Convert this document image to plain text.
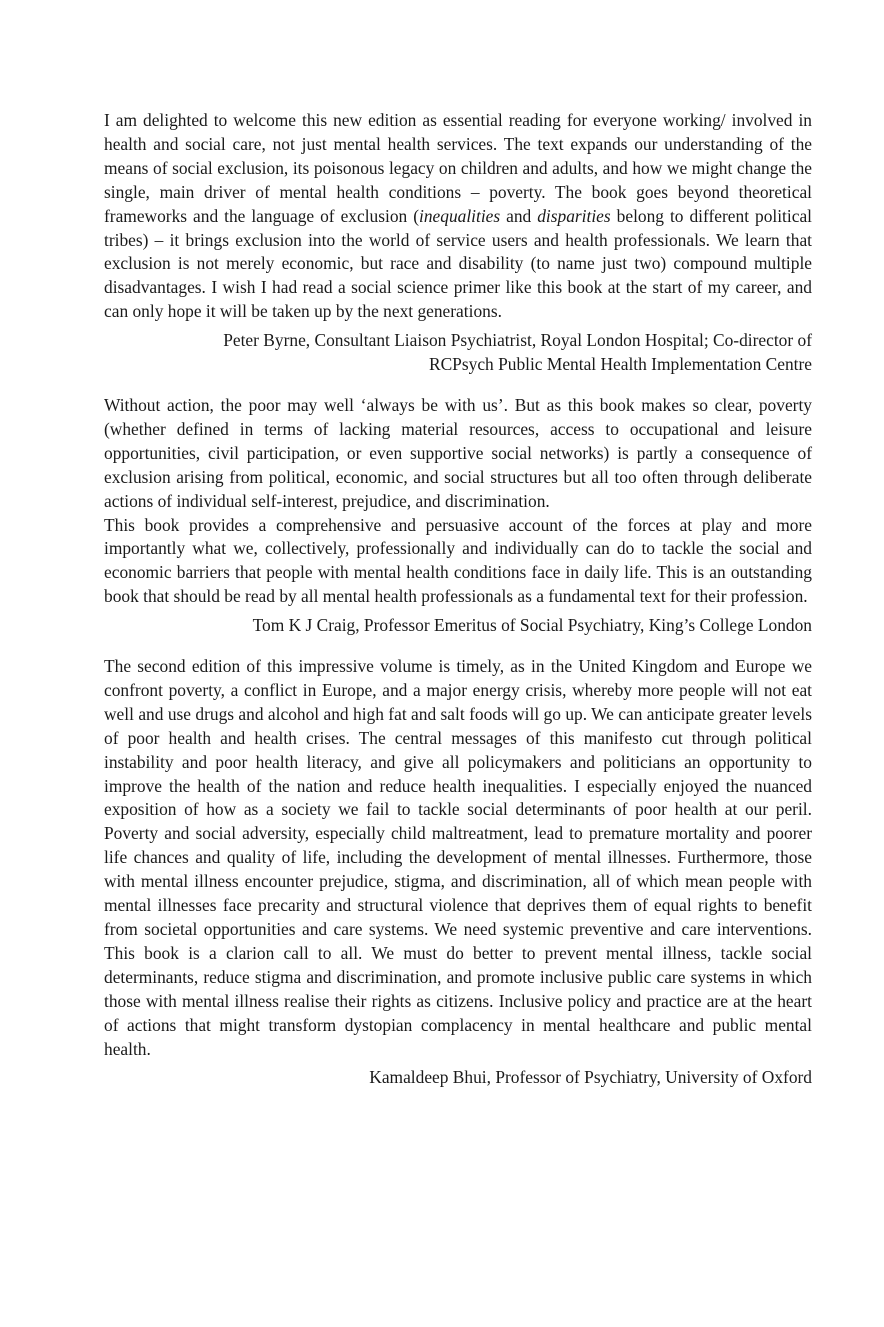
I am delighted to welcome this new edition as essential reading for everyone working/ involved in health and social care, not just mental health services. The text expands our understanding of the means of social exclusion, its poisonous legacy on children and adults, and how we might change the single, main driver of mental health conditions – poverty. The book goes beyond theoretical frameworks and the language of exclusion (inequalities and disparities belong to different political tribes) – it brings exclusion into the world of service users and health professionals. We learn that exclusion is not merely economic, but race and disability (to name just two) compound multiple disadvantages. I wish I had read a social science primer like this book at the start of my career, and can only hope it will be taken up by the next generations.

Peter Byrne, Consultant Liaison Psychiatrist, Royal London Hospital; Co-director of
RCPsych Public Mental Health Implementation Centre

Without action, the poor may well ‘always be with us’. But as this book makes so clear, poverty (whether defined in terms of lacking material resources, access to occupational and leisure opportunities, civil participation, or even supportive social networks) is partly a consequence of exclusion arising from political, economic, and social structures but all too often through deliberate actions of individual self-interest, prejudice, and discrimination.

This book provides a comprehensive and persuasive account of the forces at play and more importantly what we, collectively, professionally and individually can do to tackle the social and economic barriers that people with mental health conditions face in daily life. This is an outstanding book that should be read by all mental health professionals as a fundamental text for their profession.

Tom K J Craig, Professor Emeritus of Social Psychiatry, King’s College London

The second edition of this impressive volume is timely, as in the United Kingdom and Europe we confront poverty, a conflict in Europe, and a major energy crisis, whereby more people will not eat well and use drugs and alcohol and high fat and salt foods will go up. We can anticipate greater levels of poor health and health crises. The central messages of this manifesto cut through political instability and poor health literacy, and give all policymakers and politicians an opportunity to improve the health of the nation and reduce health inequalities. I especially enjoyed the nuanced exposition of how as a society we fail to tackle social determinants of poor health at our peril. Poverty and social adversity, especially child maltreatment, lead to premature mortality and poorer life chances and quality of life, including the development of mental illnesses. Furthermore, those with mental illness encounter prejudice, stigma, and discrimination, all of which mean people with mental illnesses face precarity and structural violence that deprives them of equal rights to benefit from societal opportunities and care systems. We need systemic preventive and care interventions. This book is a clarion call to all. We must do better to prevent mental illness, tackle social determinants, reduce stigma and discrimination, and promote inclusive public care systems in which those with mental illness realise their rights as citizens. Inclusive policy and practice are at the heart of actions that might transform dystopian complacency in mental healthcare and public mental health.

Kamaldeep Bhui, Professor of Psychiatry, University of Oxford
